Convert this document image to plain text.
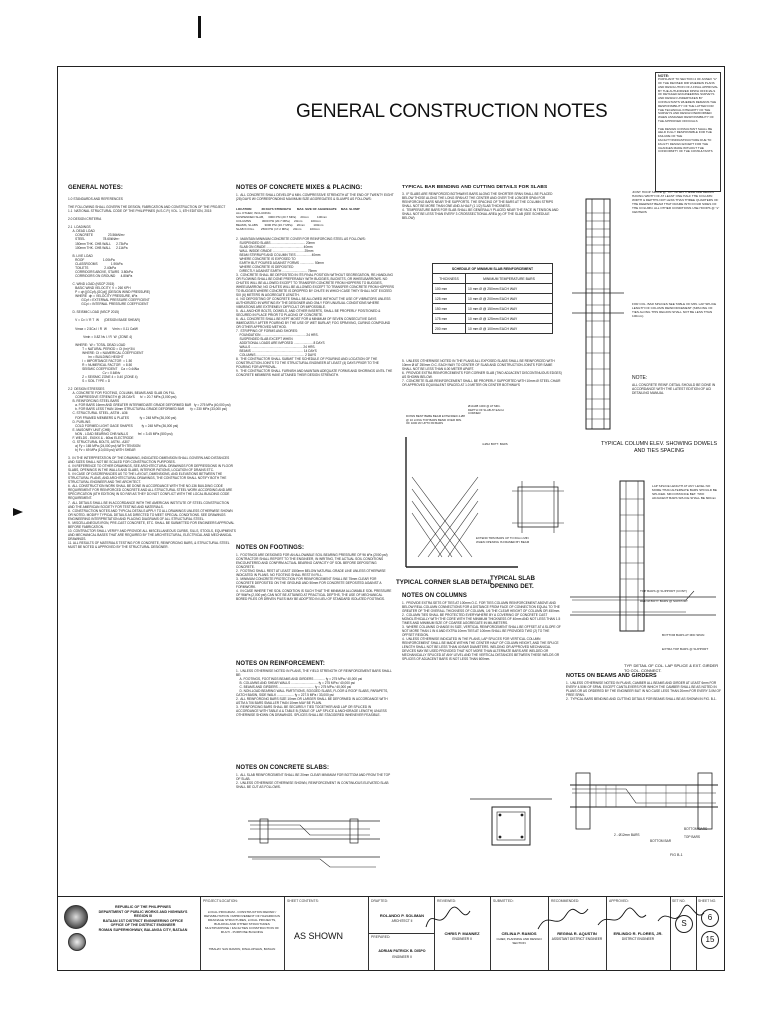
NOTE:
PURSUANT TO SECTION 4 OF ANNEX "A" OF THE REVISED IRR WHEREIN PLANS AND RESOLUTION OF A FINAL APPROVAL BY THE AUTHORIZED DPWH OFFICIALS OF DETAILED ENGINEERING SURVEYS AND DESIGN UNDERTAKEN BY CONSULTANTS WHEREIN REMAINS THE RESPONSIBILITY OF THE LATTER FOR THE TECHNICAL INTEGRITY OF THE SURVEYS AND DESIGN PERFORMED WHEN ASSIGNED RESPONSIBILITY OF THE APPROVED OFFICIALS

THE DESIGN CONSULTANT SHALL BE HELD FULLY RESPONSIBLE FOR THE FAILURE OF THE FACILITY/INFRASTRUCTURE DUE TO FAULTY DESIGN EXCEPT FOR THE CHANGES MADE WITHOUT THE CONFORMITY OF THE CONSULTANTS
GENERAL CONSTRUCTION NOTES
GENERAL NOTES:
1.0 STANDARDS AND REFERENCES

THE FOLLOWING SHALL GOVERN THE DESIGN, FABRICATION AND CONSTRUCTION OF THE PROJECT
1.1  NATIONAL STRUCTURAL CODE OF THE PHILIPPINES (N.S.C.P.) VOL. 1, 6TH EDITION, 2015

2.0 DESIGN CRITERIA

2.1  LOADINGS
A. DEAD LOAD
CONCRETE                 23.56kN/m³
STEEL                    78.60kN/m³
150mm THK. CHB WALL      2.73kPa
100mm THK. CHB WALL      2.11kPa

B. LIVE LOAD
ROOF                     1.00kPa
CLASSROOMS               1.90kPa
TOILETS                  2.40kPa
CORRIDORS ABOVE, STAIRS  3.80kPa
CORRIDORS ON GROUND      4.80kPa

C. WIND LOAD (NSCP 2015)
BASIC WIND VELOCITY, V = 260 KPH
P = qh [(GCpf)-(GCpi)] (DESIGN WIND PRESSURE)
WHERE  qh = VELOCITY PRESSURE, kPa
GCpf = EXTERNAL PRESSURE COEFFICIENT
GCpi = INTERNAL PRESSURE COEFFICIENT

D. SEISMIC LOAD (NSCP 2015)

V = Cv I / R T  W      (DESIGN BASE SHEAR)

Vmax = 2.5Ca I / R  W      Vmin = 0.11 CaIW

Vmin = 0.8Z Nv I / R  W  (ZONE 4)

WHERE:  W = TOTAL DEAD LOAD
T = NATURAL PERIOD = Ct (hn)^3/4
WHERE: Ct = NUMERICAL COEFFICIENT
hn = BUILDING HEIGHT
I = IMPORTANCE FACTOR  = 1.50
R = NUMERICAL FACTOR   = 8.50
SEISMIC COEFFICIENT    Ca = 0.44Na
Cv = 0.64Nv
Z = SEISMIC ZONE 4 = 0.40 (ZONE 4)
S = SOIL TYPE = D

2.2  DESIGN STRESSES
A. CONCRETE FOR FOOTING, COLUMN, BEAMS AND SLAB ON FILL
COMPRESSIVE STRENGTH @ 28 DAYS      fc' = 20.7 MPa (3,000 psi)
B. REINFORCING STEEL BARS
a. FOR BARS 16mm AND GREATER INTERMEDIATE GRADE DEFORMED BAR   fy = 275 MPa (40,000 psi)
b. FOR BARS LESS THAN 16mm STRUCTURAL GRADE DEFORMED BAR       fy = 230 MPa (33,000 psi)
C. STRUCTURAL STEEL, ASTM - A36
FOR FRAMED MEMBERS & PLATES            fy = 248 MPa (36,000 psi)
D. PURLINS
COLD FORMED LIGHT GAGE SHAPES          fy = 248 MPa (36,000 psi)
E. MASONRY UNIT (CHB)
NON - LOAD BEARING CHB WALLS           fm' = 3.45 MPa (500 psi)
F. WELDS - E60XX & - 60ksi ELECTRODE
G. STRUCTURAL BOLTS, ASTM - A307
a) Fy = 165 MPa (24,000 psi) WITH TENSION
b) Fv = 69 MPa (10,000 psi) WITH SHEAR

3.  IN THE INTERPRETATION OF THE DRAWING, INDICATED DIMENSION SHALL GOVERN AND DISTANCES AND SIZES SHALL NOT BE SCALED FOR CONSTRUCTION PURPOSES.
4.  IN REFERENCE TO OTHER DRAWINGS, SEE ARCHITECTURAL DRAWINGS FOR DEPRESSIONS IN FLOOR SLABS, OPENINGS IN THE WALLS AND SLABS, INTERIOR PATIONS, LOCATION OF DRAINS ETC.
5.  IN CASE OF DISCREPANCIES AS TO THE LAYOUT, DIMENSIONS, AND ELEVATIONS BETWEEN THE STRUCTURAL PLANS, AND ARCHITECTURAL DRAWINGS, THE CONTRACTOR SHALL NOTIFY BOTH THE STRUCTURAL ENGINEER AND THE ARCHITECT.
6.  ALL CONSTRUCTION WORK SHALL BE DONE IN ACCORDANCE WITH THE NO.136 BUILDING CODE REQUIREMENT FOR REINFORCED CONCRETE AND ALL STRUCTURAL STEEL WORK ACCORDING AND ARE SPECIFICATION (6TH EDITION) IN SO FAR AS THEY DO NOT CONFLICT WITH THE LOCAL BUILDING CODE REQUIREMENT.
7.  ALL DETAILS SHALL BE IN ACCORDANCE WITH THE AMERICAN INSTITUTE OF STEEL CONSTRUCTION AND THE AMERICAN SOCIETY FOR TESTING AND MATERIALS.
8.  CONSTRUCTION NOTES AND TYPICAL DETAILS APPLY TO ALL DRAWINGS UNLESS OTHERWISE SHOWN OR NOTED. MODIFY TYPICAL DETAILS AS DIRECTED TO MEET SPECIAL CONDITIONS. SEE DRAWINGS ENGINEERING INTERPRETATION AND PLACING DIAGRAMS OF ALL STRUCTURAL STEEL.
9.  MISCELLANEOUS IRON, PRE-CAST CONCRETE, ETC. SHALL BE SUBMITTED FOR ENGINEERS APPROVAL BEFORE FABRICATION.
10. CONTRACTOR SHALL VERIFY AND PROVIDE ALL MISCELLANEOUS CURBS, SILLS, STOOLS, EQUIPMENTS AND MECHANICAL BASES THAT ARE REQUIRED BY THE ARCHITECTURAL, ELECTRICAL AND MECHANICAL DRAWINGS.
11. ALL RESULTS OF MATERIALS TESTING FOR CONCRETE, REINFORCING BARS, & STRUCTURAL STEEL MUST BE NOTED & APPROVED BY THE STRUCTURAL DESIGNER.
NOTES OF CONCRETE MIXES & PLACING:
1.  ALL CONCRETE SHALL DEVELOP A MIN. COMPRESSIVE STRENGTH AT THE END OF TWENTY EIGHT (28) DAYS W/ CORRESPONDING MAXIMUM SIZE AGGREGATES & SLUMPS AS FOLLOWS:
LOCATION            28 DAYS STRENGTH       MAX. SIZE OF AGGREGATE     MAX. SLUMP
ALL OTHER, INCLUDING
SUSPENDED SLAB,     3000 PSI (20.7 MPa)     20mm          100mm
COLUMNS             3000 PSI (20.7 MPa)     20mm          100mm
BEAMS, SLABS        3000 PSI (20.7 MPa)     20mm          100mm
SLAB IN FILL        2500 PSI (17.2 MPa)     20mm          100mm
2.  MAINTAIN MINIMUM CONCRETE COVER FOR REINFORCING STEEL AS FOLLOWS:
SUSPENDED SLABS ...................................... 20mm
SLAB ON GRADE ......................................... 40mm
WALL INSIDE GRADE ................................... 25mm
BEAM STIRRUPS AND COLUMN TIES ................ 40mm
WHERE CONCRETE IS EXPOSED TO
EARTH BUT POURED AGAINST FORMS ................ 50mm
WHERE CONCRETE IS DEPOSITED
DIRECTLY AGAINST EARTH ............................ 75mm
3.  CONCRETE SHALL BE DEPOSITED IN ITS FINAL POSITION WITHOUT SEGREGATION, RE-HANDLING OR FLOWING SHALL BE DONE PREFERABLY WITH BUGGIES, BUCKETS, OR WHEELBARROWS. NO CHUTES WILL BE ALLOWED EXCEPT TO TRANSFER CONCRETE FROM HOPPERS TO BUGGIES, WHEELBARROW, NO CHUTES WILL BE ALLOWED EXCEPT TO TRANSFER CONCRETE FROM HOPPERS TO BUGGIES WHERE CONCRETE IS DROPPED BY CHUTE IN WHICH CASE THEY SHALL NOT EXCEED SIX (6) METERS IN AGGREGATE LENGTH.
4.  NO DEPOSITING OF CONCRETE SHALL BE ALLOWED WITHOUT THE USE OF VIBRATORS UNLESS AUTHORIZED IN WRITING BY THE DESIGNER AND ONLY FOR UNUSUAL CONDITIONS WHERE VIBRATIONS ARE EXTREMELY DIFFICULT OR IMPOSSIBLE.
5.  ALL ANCHOR BOLTS, DOWELS, AND OTHER INSERTS, SHALL BE PROPERLY POSITIONED & SECURED IN PLACE PRIOR TO PLACING OF CONCRETE.
6.  ALL CONCRETE SHALL BE KEPT MOIST FOR A MINIMUM OF SEVEN CONSECUTIVE DAYS IMMEDIATELY AFTER POURING BY THE USE OF WET BURLAP, FOG SPRAYING, CURING COMPOUND OR OTHER APPROVED METHOD.
7.  STRIPPING OF FORMS AND SHORES:
FOUNDATION .................................................. 24 HRS.
SUSPENDED SLAB EXCEPT WHEN
ADDITIONAL LOADS ARE IMPOSED ..................... 8 DAYS
WALLS .......................................................... 24 HRS.
BEAMS .......................................................... 14 DAYS
COLUMNS ...................................................... 2 DAYS
8.  THE CONTRACTOR SHALL SUBMIT THE SCHEDULE OF POURING AND LOCATION OF THE CONSTRUCTION JOINTS TO THE STRUCTURAL ENGINEER AT LEAST (4) DAYS PRIOR TO THE POURING FOR APPROVAL.
9.  THE CONTRACTOR SHALL FURNISH AND MAINTAIN ADEQUATE FORMS AND SHORINGS UNTIL THE CONCRETE MEMBERS HAVE ATTAINED THEIR DESIGN STRENGTH.
NOTES ON FOOTINGS:
1.  FOOTINGS ARE DESIGNED FOR AN ALLOWABLE SOIL BEARING PRESSURE OF 96 kPa (2000 psf) CONTRACTOR SHALL REPORT TO THE ENGINEER, IN WRITING, THE ACTUAL SOIL CONDITIONS ENCOUNTERED AND CONFIRM ACTUAL BEARING CAPACITY OF SOIL BEFORE DEPOSITING CONCRETE.
2.  FOOTING SHALL REST AT LEAST 1500mm BELOW NATURAL GRADE LINE UNLESS OTHERWISE INDICATED IN PLANS. NO FOOTING SHALL REST IN FILL.
3.  MINIMUM CONCRETE PROTECTION FOR REINFORCEMENT SHALL BE 75mm CLEAR FOR CONCRETE DEPOSITED ON THE GROUND AND 50mm FOR CONCRETE DEPOSITED AGAINST A FORMWORK.
4.  IN CASE WHERE THE SOIL CONDITION IS SUCH THAT THE MINIMUM ALLOWABLE SOIL PRESSURE OF 96kPa (2,000 psf) CAN NOT BE ATTAINED AT PRACTICAL DEPTHS, THE USE OF MECHANICAL BORED PILES OR DRIVEN PILES MAY BE ADOPTED IN LIEU OF STANDARD ISOLATED FOOTINGS.
NOTES ON REINFORCEMENT:
1.  UNLESS OTHERWISE NOTED IN PLANS, THE YIELD STRENGTH OF REINFORCEMENT BARS SHALL BE:
A. FOOTINGS, FOOTINGS BEAMS AND GIRDERS ............ fy = 275 MPa / 40,000 psi
B. COLUMNS AND SHEAR WALLS .............................. fy = 275 MPa / 40,000 psi
C. BEAMS AND GIRDERS ........................................ fy = 275 MPa / 40,000 psi
D. NON-LOAD BEARING WALL PARTITIONS, SOGGED SLABS, FLOOR & ROOF SLABS, PARAPETS, CATCH BASIN, SIDE WALK ................... fy = 227.5 MPa / 33,000 psi
2.  ALL REINFORCING BARS SIZE 10mm OR LARGER SHALL BE DEFORMED IN ACCORDANCE WITH ASTM A 706 BARS SMALLER THAN 10mm MAY BE PLAIN.
3.  REINFORCING BARS SHALL BE SECURELY TIED TOGETHER AND LAP OR SPLICED IN ACCORDANCE WITH TABLE A & TABLE B (TABLE OF LAP SPLICE & ANCHORAGE LENGTH) UNLESS OTHERWISE SHOWN ON DRAWINGS. SPLICES SHALL BE STAGGERED WHENEVER FEASIBLE.
NOTES ON CONCRETE SLABS:
1.  ALL SLAB REINFORCEMENT SHALL BE 20mm CLEAR MINIMUM FOR BOTTOM AND FROM THE TOP OF SLAB.
2.  UNLESS OTHERWISE OTHERWISE SHOWN, REINFORCEMENT IN CONTINUOUS ELEVATED SLAB SHALL BE CUT AS FOLLOWS.
TYPICAL BAR BENDING AND CUTTING DETAILS FOR SLABS
3.  IF SLABS ARE REINFORCED BOTHWAYS BARS ALONG THE SHORTER SPAN SHALL BE PLACED BELOW THOSE ALONG THE LONG SPAN AT THE CENTER AND OVER THE LONGER SPAN FOR REINFORCING BARS NEAR THE SUPPORTS. THE SPACING OF THE BARS AT THE COLUMN STRIPS SHALL NOT BE MORE THAN ONE AND A HALF (1 1/2) SLAB THICKNESS.
4.  TEMPERATURE BARS FOR SLAB SHALL BE GENERALLY PLACED NEAR THE FACE IN TENSION AND SHALL NOT BE LESS THAN EVERY 3 CROSSSECTIONAL AREA (s) OF THE SLAB (SEE SCHEDULE BELOW)
SCHEDULE OF MINIMUM SLAB REINFORCEMENT	
THICKNESS	MINIMUM TEMPERATURE BARS
100 mm	10 mm Ø @ 250mm EACH WAY
125 mm	10 mm Ø @ 200mm EACH WAY
150 mm	10 mm Ø @ 150mm EACH WAY
175 mm	10 mm Ø @ 125mm EACH WAY
200 mm	10 mm Ø @ 100mm EACH WAY
5.  UNLESS OTHERWISE NOTED IN THE PLANS ALL EXPOSED SLABS SHALL BE REINFORCED WITH 10mm Ø AT 250mm O.C. EACH WAY TO CENTER OF SLAB AND CONSTRUCTION JOINTS FOR SAME SHALL NOT BE LESS THAN 6.00 METER APART.
6.  PROVIDE EXTRA REINFORCEMENTS FOR CORNER SLAB (TWO ADJACENT DISCONTINUOUS EDGES) AS SHOWN BELOW.
7.  CONCRETE SLAB REINFORCEMENT SHALL BE PROPERLY SUPPORTED WITH 10mm Ø STEEL CHAIR OR APPROVED EQUIVALENT SPACED AT 1.0 METER ON CENTER BOTHWAYS
DOWN BENT BEBE BEAM EXTENDED 4-Ø8 @ 10 LONG TOP BARS BEND OVER MIN. OF 1000 W/ UPTO 80 BARS
Ø10-Ø8 1000 @ AT MID-DEPTH OF SLAB AT EACH CORNER
4-Ø12 BOTT. BARS
EXTEND TRIM BARS UP TO 60mm MIN WHEN OPENING IS FRAMED BY BEAM
TYPICAL CORNER SLAB DETAIL
TYPICAL SLAB OPENING DET.
NOTES ON COLUMNS
1.  PROVIDE EXTRA SETS OF TIES AT 100mm O.C. FOR TIES COLUMN REINFORCEMENT ABOVE AND BELOW REAL COLUMN CONNECTIONS FOR A DISTANCE FROM FACE OF CONNECTION EQUAL TO THE GREATER OF THE OVERALL THICKNESS OF COLUMN, 1/6 THE CLEAR HEIGHT OF COLUMN OR 450mm.
2.  COLUMN TIES SHALL BE PROTECTED EVERYWHERE BY A COVERING OF CONCRETE CAST MONOLITHICALLY WITH THE CORE WITH THE MINIMUM THICKNESS OF 40mm AND NOT LESS THAN 1.5 TIMES AND MINIMUM SIZE OF COARSE AGGREGATE IN MILIMETERS.
3.  WHERE COLUMNS CHANGE IN SIZE, VERTICAL REINFORCEMENT SHALL BE OFFSET AT A SLOPE OF NOT MORE THAN 1 IN 6 AND EXTRA 10mm TIES AT 100mm SHALL BE PROVIDED TWO (2) TO THE OFFSET REGION.
4.  UNLESS OTHERWISE INDICATED IN THE PLANS, LAP SPLICES FOR VERTICAL COLUMN REINFORCEMENT SHALL BE MADE WITHIN THE CENTER HALF OF COLUMN HEIGHT, AND THE SPLICE LENGTH SHALL NOT BE LESS THAN 40 BAR DIAMETERS. WELDING OR APPROVED MECHANICAL DEVICES MAY BE USED PROVIDED THAT NOT MORE THAN ALTERNATE BARS ARE WELDED OR MECHANICALLY SPLICED AT ANY LEVEL AND THE VERTICAL DISTANCES BETWEEN THESE WELDS OR SPLICES OF ADJACENT BARS IS NOT LESS THAN 600mm.
JOINT HOOP SPACE @ "CH" WHEN THERE ARE BEAMS HAVING WIDTH OF AT LEAST ONE HALF THE COLUMN WIDTH & DEPTHS NOT LESS THAN THREE QUARTERS OF THE DEEPEST BEAM THAT FRAME INTO FOUR SIDES OF THE COLUMN. ALL OTHER CONDITIONS USE HOOPS @ "s" CENTERS
FOR COL. BAR SPLICES SEE TABLE OF MIN. LAP SPLICE LENGTH OF COLUMN REINFORCEMENT (SPACING OF TIES ALONG THIS REGION SHALL NOT BE LESS THAN 100mm)
NOTE:
ALL CONCRETE REINF. DETAIL SHOULD BE DONE IN ACCORDANCE WITH THE LATEST EDITION OF ACI DETAILING MANUAL
TYPICAL COLUMN ELEV. SHOWING DOWELS AND TIES SPACING
LAP SPLICE LENGTH AT ANY LEVEL NO MORE THAN ALTERNATE BARS SHOULD BE SPLICED. MIN DISTANCE BET. TWO ADJACENT BARS SPLICE SHALL BE 600mm
TOP BARS @ SUPPORT (CONT)
RED Ø BOTT BARS @ SUPPORT
BOTTOM BARS AT MID SPAN
EXTRA TOP BARS @ SUPPORT
TYP. DETAIL OF COL. LAP SPLICE & EXT. GIRDER TO COL. CONNECT.
NOTES ON BEAMS AND GIRDERS
1.  UNLESS OTHERWISE NOTED IN PLANS, CAMBER ALL BEAMS AND GIRDER AT LEAST 6mm FOR EVERY 4.50M OF SPAN. EXCEPT CANTILEVERS FOR WHICH THE CAMBER SHALL BE AS NOTED IN PLANS OR AS ORDERED BY THE ENGINEER BUT IN NO CASE LESS THAN 20mm FOR EVERY 3.0M OF FREE SPAN.
2.  TYPICAL BARS BENDING AND CUTTING DETAILS FOR BEAMS SHALL BE AS SHOWN IN FIG. B-1.
BOTTOM BARS
TOP BARS
2 - Ø12mm BARS
BOTTOM BAR
FIG B-1
REPUBLIC OF THE PHILIPPINES
DEPARTMENT OF PUBLIC WORKS AND HIGHWAYS
REGION III
BATAAN 1ST DISTRICT ENGINEERING OFFICE
OFFICE OF THE DISTRICT ENGINEER
ROMAN SUPERHIGHWAY, BALANGA CITY, BATAAN
PROJECT/LOCATION:
LOCAL PROGRAM - CONSTRUCTION REPAIR / REHABILITATION / IMPROVEMENT OF HAZARDOUS DRAINAGE STRUCTURES, LOCAL PROJECTS, BUILDING AND OTHER STRUCTURES MULTIPURPOSE / FACILITIES CONSTRUCTION OF MULTI - PURPOSE BUILDING
TIBAHAY SAN RAMON, DINALUPIHAN, BATAAN
SHEET CONTENTS:
AS SHOWN
DRAFTED:
ROLANDO P. SOLIMAN
ARCHITECT II
PREPARED:
ADRIAN PATRICK B. DISPO
ENGINEER II
REVIEWED:
CHRIS P. MANNEZ
ENGINEER II
SUBMITTED:
CELINA P. RAMOS
CHIEF, PLANNING AND DESIGN SECTION
RECOMMENDED:
REGINA R. AQUSTIN
ASSISTANT DISTRICT ENGINEER
APPROVED:
ERLINDO R. FLORES, JR.
DISTRICT ENGINEER
SET NO.	SHEET NO.
S
6
15
